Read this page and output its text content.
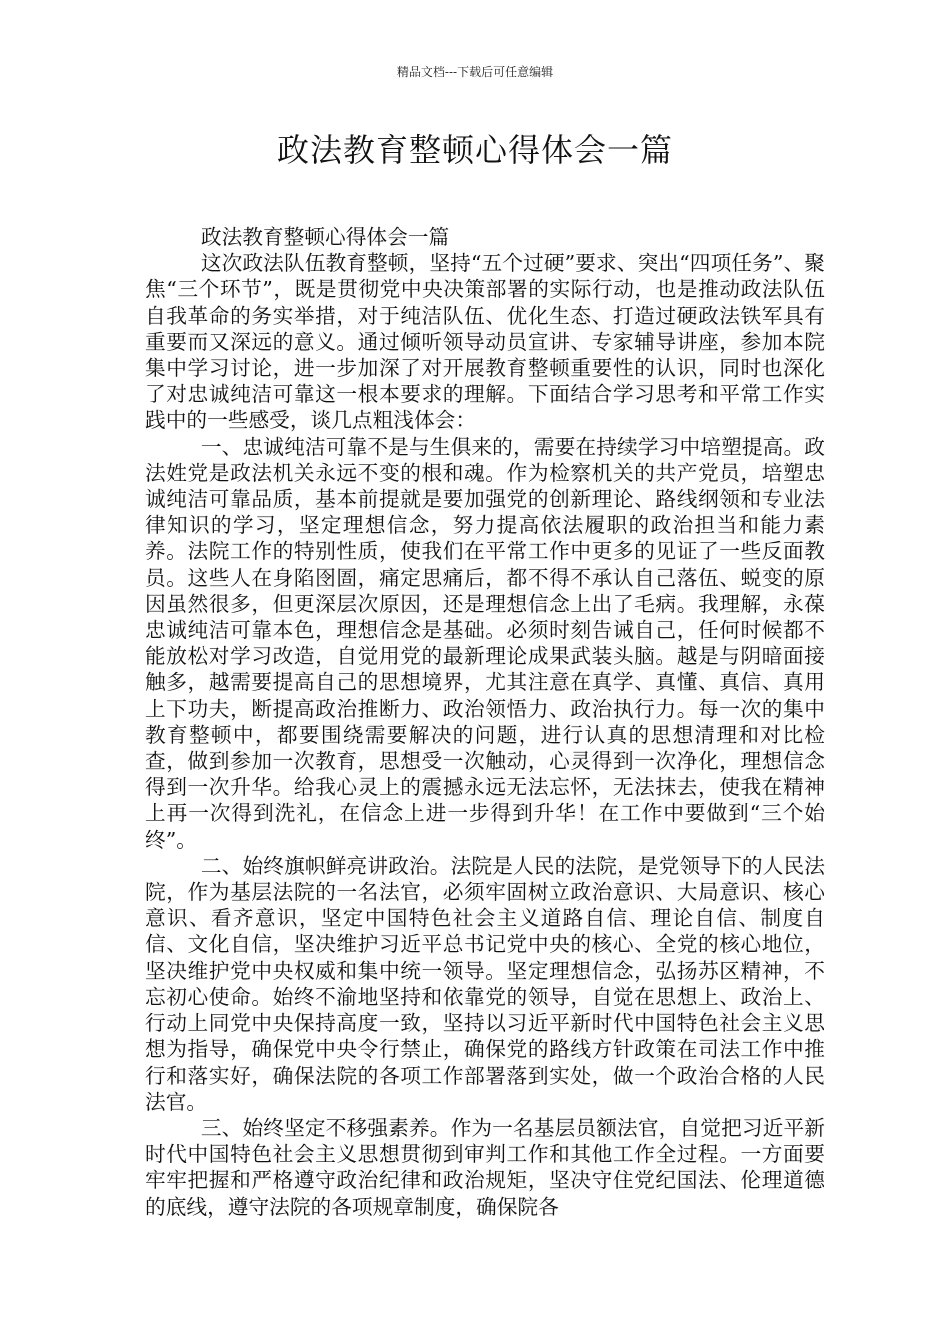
精品文档---下载后可任意编辑
政法教育整顿心得体会一篇

政法教育整顿心得体会一篇

这次政法队伍教育整顿，坚持“五个过硬”要求、突出“四项任务”、聚焦“三个环节”，既是贯彻党中央决策部署的实际行动，也是推动政法队伍自我革命的务实举措，对于纯洁队伍、优化生态、打造过硬政法铁军具有重要而又深远的意义。通过倾听领导动员宣讲、专家辅导讲座，参加本院集中学习讨论，进一步加深了对开展教育整顿重要性的认识，同时也深化了对忠诚纯洁可靠这一根本要求的理解。下面结合学习思考和平常工作实践中的一些感受，谈几点粗浅体会：

一、忠诚纯洁可靠不是与生俱来的，需要在持续学习中培塑提高。政法姓党是政法机关永远不变的根和魂。作为检察机关的共产党员，培塑忠诚纯洁可靠品质，基本前提就是要加强党的创新理论、路线纲领和专业法律知识的学习，坚定理想信念，努力提高依法履职的政治担当和能力素养。法院工作的特别性质，使我们在平常工作中更多的见证了一些反面教员。这些人在身陷囹圄，痛定思痛后，都不得不承认自己落伍、蜕变的原因虽然很多，但更深层次原因，还是理想信念上出了毛病。我理解，永葆忠诚纯洁可靠本色，理想信念是基础。必须时刻告诫自己，任何时候都不能放松对学习改造，自觉用党的最新理论成果武装头脑。越是与阴暗面接触多，越需要提高自己的思想境界，尤其注意在真学、真懂、真信、真用上下功夫，断提高政治推断力、政治领悟力、政治执行力。每一次的集中教育整顿中，都要围绕需要解决的问题，进行认真的思想清理和对比检查，做到参加一次教育，思想受一次触动，心灵得到一次净化，理想信念得到一次升华。给我心灵上的震撼永远无法忘怀，无法抹去，使我在精神上再一次得到洗礼，在信念上进一步得到升华！在工作中要做到“三个始终”。

二、始终旗帜鲜亮讲政治。法院是人民的法院，是党领导下的人民法院，作为基层法院的一名法官，必须牢固树立政治意识、大局意识、核心意识、看齐意识，坚定中国特色社会主义道路自信、理论自信、制度自信、文化自信，坚决维护习近平总书记党中央的核心、全党的核心地位，坚决维护党中央权威和集中统一领导。坚定理想信念，弘扬苏区精神，不忘初心使命。始终不渝地坚持和依靠党的领导，自觉在思想上、政治上、行动上同党中央保持高度一致，坚持以习近平新时代中国特色社会主义思想为指导，确保党中央令行禁止，确保党的路线方针政策在司法工作中推行和落实好，确保法院的各项工作部署落到实处，做一个政治合格的人民法官。

三、始终坚定不移强素养。作为一名基层员额法官，自觉把习近平新时代中国特色社会主义思想贯彻到审判工作和其他工作全过程。一方面要牢牢把握和严格遵守政治纪律和政治规矩，坚决守住党纪国法、伦理道德的底线，遵守法院的各项规章制度，确保院各
